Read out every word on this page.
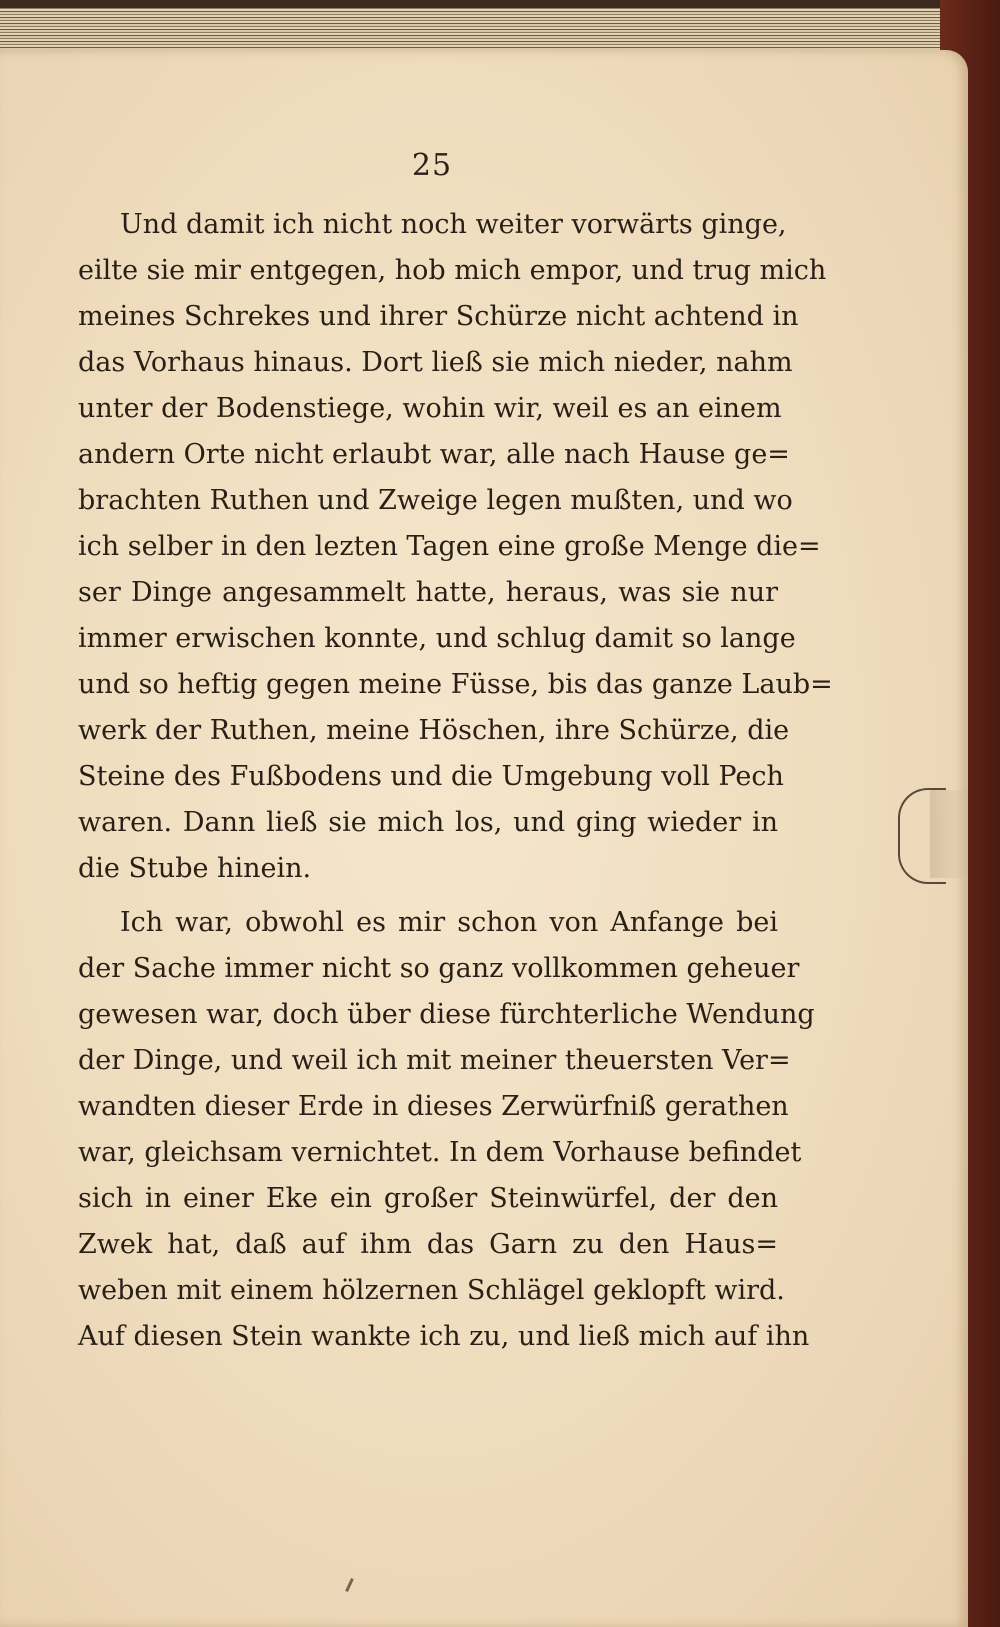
25
Und damit ich nicht noch weiter vorwärts ginge,
eilte sie mir entgegen, hob mich empor, und trug mich
meines Schrekes und ihrer Schürze nicht achtend in
das Vorhaus hinaus. Dort ließ sie mich nieder, nahm
unter der Bodenstiege, wohin wir, weil es an einem
andern Orte nicht erlaubt war, alle nach Hause ge=
brachten Ruthen und Zweige legen mußten, und wo
ich selber in den lezten Tagen eine große Menge die=
ser Dinge angesammelt hatte, heraus, was sie nur
immer erwischen konnte, und schlug damit so lange
und so heftig gegen meine Füsse, bis das ganze Laub=
werk der Ruthen, meine Höschen, ihre Schürze, die
Steine des Fußbodens und die Umgebung voll Pech
waren. Dann ließ sie mich los, und ging wieder in
die Stube hinein.
Ich war, obwohl es mir schon von Anfange bei
der Sache immer nicht so ganz vollkommen geheuer
gewesen war, doch über diese fürchterliche Wendung
der Dinge, und weil ich mit meiner theuersten Ver=
wandten dieser Erde in dieses Zerwürfniß gerathen
war, gleichsam vernichtet. In dem Vorhause befindet
sich in einer Eke ein großer Steinwürfel, der den
Zwek hat, daß auf ihm das Garn zu den Haus=
weben mit einem hölzernen Schlägel geklopft wird.
Auf diesen Stein wankte ich zu, und ließ mich auf ihn
